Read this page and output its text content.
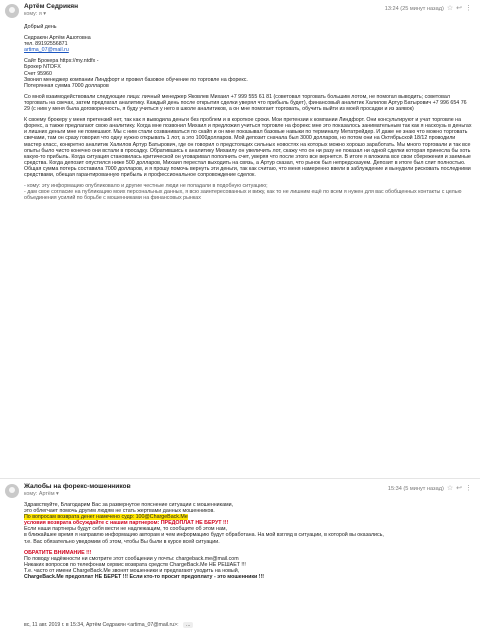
Артём Седрикян
кому: я ▾
13:24 (25 минут назад) ☆ ↩ ⋮

Добрый день

Седракян Артём Ашотовна
тел. 89192556871
artima_07@mail.ru

Сайт Брокера https://my.ntdfx -
Брокер NTDFX
Счет 95960
Звонил менеджер компании Линдфорт и провел базовое обучение по торговле на форекс.
Потерянная сумма 7000 долларов

Со мной взаимодействовали следующие лица: личный менеджер Яковлев Михаил +7 999 555 61 81 (советовал торговать большим лотом, не помогал выводить; советовал торговать на свечах, затем предлагал аналитику. Каждый день после открытия сделки уверял что прибыль будет), финансовый аналитик Халилов Артур Батырович +7 996 654 76 29 (с ним у меня была договоренность, я буду учиться у него в школе аналитиков, а он мне помогает торговать, обучить выйти из моей просадки и из заявок)

К своему брокеру у меня претензий нет, так как я выводила деньги без проблем и в короткое сроки. Мои претензии к компании Линдфорт. Они консультируют и учат торговле на форекс, а также предлагают свою аналитику. Когда мне позвонил Михаил и предложил учиться торговле на форекс мне это показалось занимательным так как я наскоузь в деньгах и лишних деньги мне не помешают. Мы с ним стали созваниваться по скайп и он мне показывал базовые навыки по терминалу Метатрейдер. И даже не знаю что можно торговать свечами, там он сразу говорил что одну нужно открывать 1 лот, а это 1000долларов. Мой депозит сначала был 3000 долларов, но потом они на Октябрьской 18/12 проводили мастер класс, конкретно аналитик Халилов Артур Батырович, где он говорил о предстоящих сильных новостях на которых можно хорошо заработать. Мы много торговали и так все опыты было чисто конечно они встали в просадку. Обратившись к аналитику Михаилу он увеличить лот, скажу что он ни разу не показал ни одной сделки которая принесла бы хоть какую-то прибыль. Когда ситуация становилась критической он уговаривал пополнить счет, уверяя что после этого все вернется. В итоге я вложила все свои сбережения и заемные средства. Когда депозит опустился ниже 500 долларов, Михаил перестал выходить на связь, а Артур сказал, что рынок был непредсказуем. Депозит в итоге был слит полностью. Общая сумма потерь составила 7000 долларов, и я прошу помочь вернуть эти деньги, так как считаю, что меня намеренно ввели в заблуждение и вынудили рисковать последними средствами, обещая гарантированную прибыль и профессиональное сопровождение сделок.

- кому: эту информацию опубликовало и другие честные люди не попадали в подобную ситуацию;
- дам свое согласие на публикацию моих персональных данных, я всю заинтересованных и вижу, как то не лишним ещё по всем я нужен для вас обобщенных контакты с целью объединения усилий по борьбе с мошенниками на финансовых рынках

Жалобы на форекс-мошенников
кому: Артём ▾
15:34 (5 минут назад) ☆ ↩ ⋮

Здравствуйте, Благодарим Вас за развернутое пояснение ситуации с мошенниками,
это облегчает помочь другим людям не стать жертвами данных мошенников.
По вопросам возврата денег намечено судр: 100@ChargeBack.Me
условия возврата обсуждайте с нашим партнером: ПРЕДОПЛАТ НЕ БЕРУТ !!!
Если наши партнеры будут себя вести не надлежащим, то сообщите об этом нам,
в ближайшее время я направлю информацию авторам и чем информацию будут обработана. На мой взгляд в ситуации, в которой вы оказались,
т.е. Вас обязательно уведомим об этом, чтобы Вы были в курсе всей ситуации.

ОБРАТИТЕ ВНИМАНИЕ !!!
По поводу надёжности ни смотрите этот сообщении у почты: chargeback.me@mail.com
Никаких вопросов по телефонам сервис возврата средств ChargeBack.Me НЕ РЕШАЕТ !!!
Т.е. часто от имени ChargeBack.Me звонят мошенники и предлагают уходить на новый,
ChargeBack.Me предоплат НЕ БЕРЕТ !!! Если кто-то просит предоплату - это мошенники !!!

вс, 11 авг. 2019 г. в 15:34, Артём Седракян <artima_07@mail.ru>: ...
